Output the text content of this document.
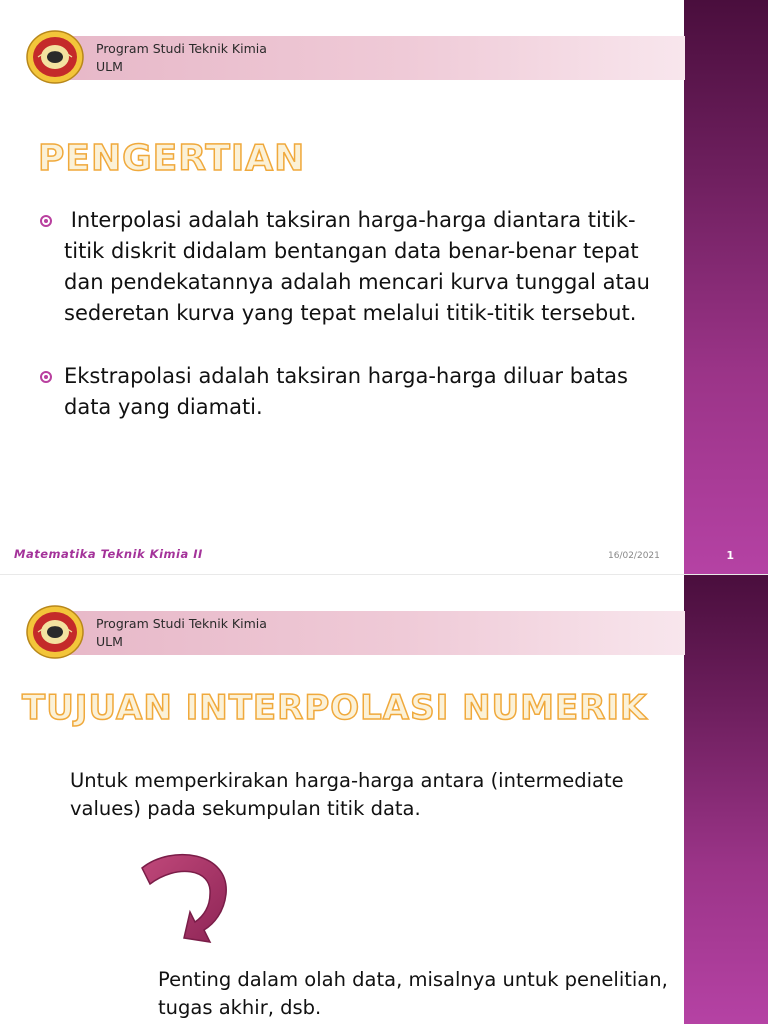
1
Program Studi Teknik Kimia
ULM
PENGERTIAN
Interpolasi adalah taksiran harga-harga diantara titik-titik diskrit didalam bentangan data benar-benar tepat dan pendekatannya adalah mencari kurva tunggal atau sederetan kurva yang tepat melalui titik-titik tersebut.
Ekstrapolasi adalah taksiran harga-harga diluar batas data yang diamati.
Matematika Teknik Kimia II	16/02/2021
Program Studi Teknik Kimia
ULM
TUJUAN INTERPOLASI NUMERIK
Untuk memperkirakan harga-harga antara (intermediate values) pada sekumpulan titik data.
Penting dalam olah data, misalnya untuk penelitian, tugas akhir, dsb.
